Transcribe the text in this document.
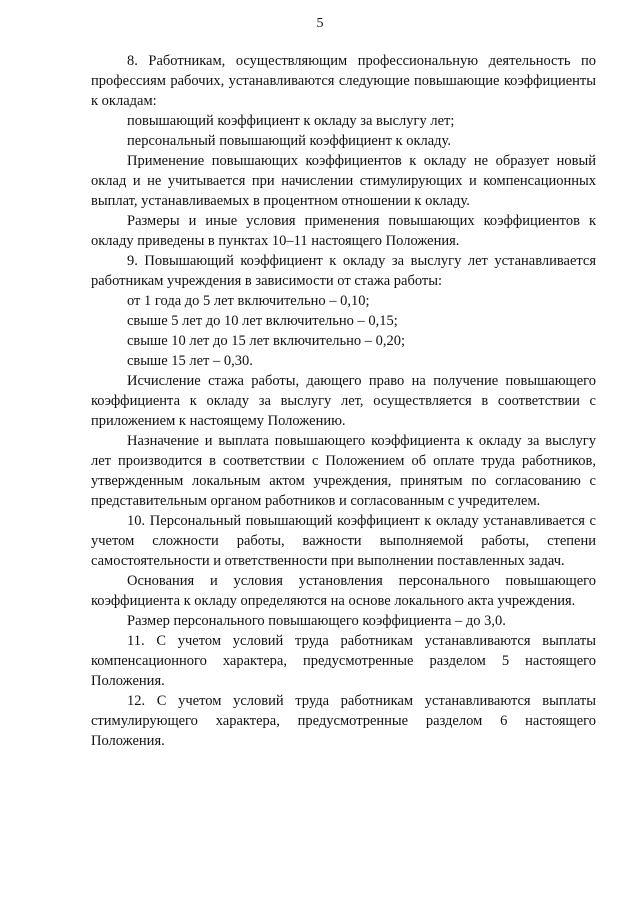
5

8. Работникам, осуществляющим профессиональную деятельность по профессиям рабочих, устанавливаются следующие повышающие коэффициенты к окладам:

повышающий коэффициент к окладу за выслугу лет;

персональный повышающий коэффициент к окладу.

Применение повышающих коэффициентов к окладу не образует новый оклад и не учитывается при начислении стимулирующих и компенсационных выплат, устанавливаемых в процентном отношении к окладу.

Размеры и иные условия применения повышающих коэффициентов к окладу приведены в пунктах 10–11 настоящего Положения.

9. Повышающий коэффициент к окладу за выслугу лет устанавливается работникам учреждения в зависимости от стажа работы:

от 1 года до 5 лет включительно – 0,10;

свыше 5 лет до 10 лет включительно – 0,15;

свыше 10 лет до 15 лет включительно – 0,20;

свыше 15 лет – 0,30.

Исчисление стажа работы, дающего право на получение повышающего коэффициента к окладу за выслугу лет, осуществляется в соответствии с приложением к настоящему Положению.

Назначение и выплата повышающего коэффициента к окладу за выслугу лет производится в соответствии с Положением об оплате труда работников, утвержденным локальным актом учреждения, принятым по согласованию с представительным органом работников и согласованным с учредителем.

10. Персональный повышающий коэффициент к окладу устанавливается с учетом сложности работы, важности выполняемой работы, степени самостоятельности и ответственности при выполнении поставленных задач.

Основания и условия установления персонального повышающего коэффициента к окладу определяются на основе локального акта учреждения.

Размер персонального повышающего коэффициента – до 3,0.

11. С учетом условий труда работникам устанавливаются выплаты компенсационного характера, предусмотренные разделом 5 настоящего Положения.

12. С учетом условий труда работникам устанавливаются выплаты стимулирующего характера, предусмотренные разделом 6 настоящего Положения.
